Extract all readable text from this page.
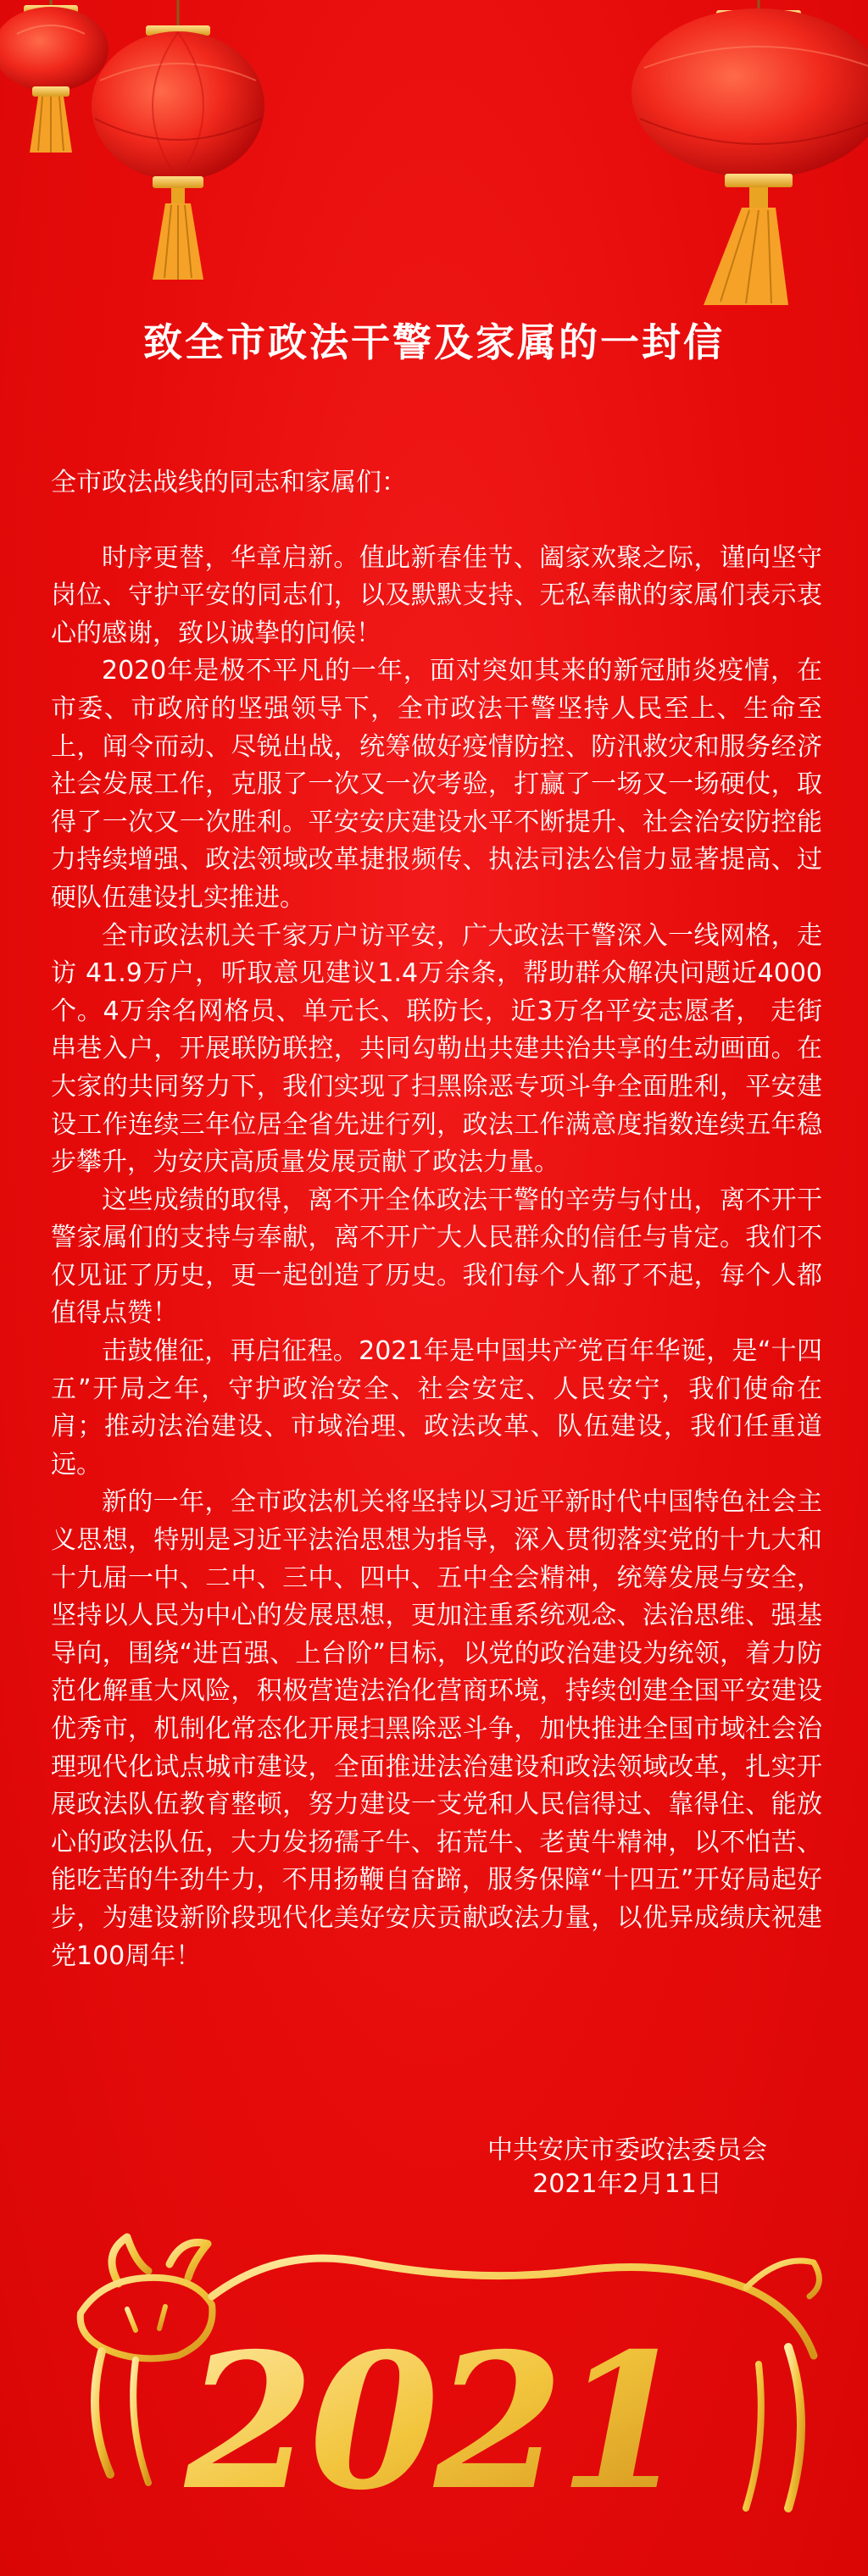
致全市政法干警及家属的一封信

全市政法战线的同志和家属们：

时序更替，华章启新。值此新春佳节、阖家欢聚之际，谨向坚守岗位、守护平安的同志们，以及默默支持、无私奉献的家属们表示衷心的感谢，致以诚挚的问候！

2020年是极不平凡的一年，面对突如其来的新冠肺炎疫情，在市委、市政府的坚强领导下，全市政法干警坚持人民至上、生命至上，闻令而动、尽锐出战，统筹做好疫情防控、防汛救灾和服务经济社会发展工作，克服了一次又一次考验，打赢了一场又一场硬仗，取得了一次又一次胜利。平安安庆建设水平不断提升、社会治安防控能力持续增强、政法领域改革捷报频传、执法司法公信力显著提高、过硬队伍建设扎实推进。

全市政法机关千家万户访平安，广大政法干警深入一线网格，走访 41.9万户，听取意见建议1.4万余条，帮助群众解决问题近4000个。4万余名网格员、单元长、联防长，近3万名平安志愿者， 走街串巷入户，开展联防联控，共同勾勒出共建共治共享的生动画面。在大家的共同努力下，我们实现了扫黑除恶专项斗争全面胜利，平安建设工作连续三年位居全省先进行列，政法工作满意度指数连续五年稳步攀升，为安庆高质量发展贡献了政法力量。

这些成绩的取得，离不开全体政法干警的辛劳与付出，离不开干警家属们的支持与奉献，离不开广大人民群众的信任与肯定。我们不仅见证了历史，更一起创造了历史。我们每个人都了不起，每个人都值得点赞！

击鼓催征，再启征程。2021年是中国共产党百年华诞，是“十四五”开局之年，守护政治安全、社会安定、人民安宁，我们使命在肩；推动法治建设、市域治理、政法改革、队伍建设，我们任重道远。

新的一年，全市政法机关将坚持以习近平新时代中国特色社会主义思想，特别是习近平法治思想为指导，深入贯彻落实党的十九大和十九届一中、二中、三中、四中、五中全会精神，统筹发展与安全，坚持以人民为中心的发展思想，更加注重系统观念、法治思维、强基导向，围绕“进百强、上台阶”目标，以党的政治建设为统领，着力防范化解重大风险，积极营造法治化营商环境，持续创建全国平安建设优秀市，机制化常态化开展扫黑除恶斗争，加快推进全国市域社会治理现代化试点城市建设，全面推进法治建设和政法领域改革，扎实开展政法队伍教育整顿，努力建设一支党和人民信得过、靠得住、能放心的政法队伍，大力发扬孺子牛、拓荒牛、老黄牛精神，以不怕苦、能吃苦的牛劲牛力，不用扬鞭自奋蹄，服务保障“十四五”开好局起好步，为建设新阶段现代化美好安庆贡献政法力量，以优异成绩庆祝建党100周年！

中共安庆市委政法委员会
2021年2月11日
2021
